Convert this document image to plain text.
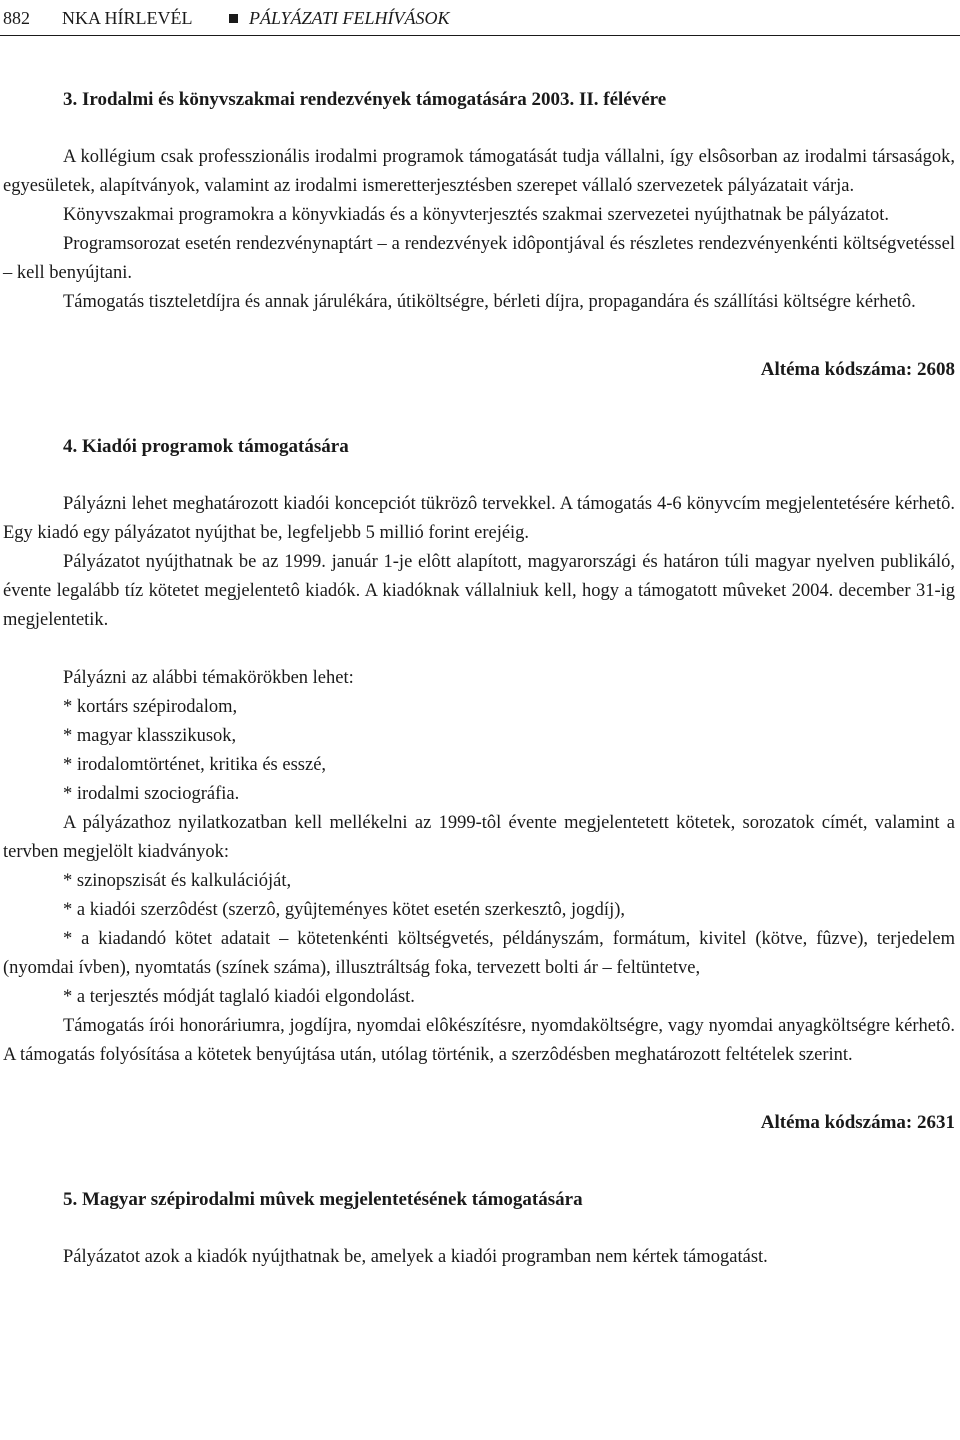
882 NKA HÍRLEVÉL	PÁLYÁZATI FELHÍVÁSOK
3. Irodalmi és könyvszakmai rendezvények támogatására 2003. II. félévére

A kollégium csak professzionális irodalmi programok támogatását tudja vállalni, így elsôsorban az irodalmi társaságok, egyesületek, alapítványok, valamint az irodalmi ismeretterjesztésben szerepet vállaló szervezetek pályázatait várja.

Könyvszakmai programokra a könyvkiadás és a könyvterjesztés szakmai szervezetei nyújthatnak be pályázatot.

Programsorozat esetén rendezvénynaptárt – a rendezvények idôpontjával és részletes rendezvényenkénti költségvetéssel – kell benyújtani.

Támogatás tiszteletdíjra és annak járulékára, útiköltségre, bérleti díjra, propagandára és szállítási költségre kérhetô.

Altéma kódszáma: 2608
4. Kiadói programok támogatására

Pályázni lehet meghatározott kiadói koncepciót tükrözô tervekkel. A támogatás 4-6 könyvcím megjelentetésére kérhetô. Egy kiadó egy pályázatot nyújthat be, legfeljebb 5 millió forint erejéig.

Pályázatot nyújthatnak be az 1999. január 1-je elôtt alapított, magyarországi és határon túli magyar nyelven publikáló, évente legalább tíz kötetet megjelentetô kiadók. A kiadóknak vállalniuk kell, hogy a támogatott mûveket 2004. december 31-ig megjelentetik.

Pályázni az alábbi témakörökben lehet:
* kortárs szépirodalom,
* magyar klasszikusok,
* irodalomtörténet, kritika és esszé,
* irodalmi szociográfia.

A pályázathoz nyilatkozatban kell mellékelni az 1999-tôl évente megjelentetett kötetek, sorozatok címét, valamint a tervben megjelölt kiadványok:

* szinopszisát és kalkulációját,

* a kiadói szerzôdést (szerzô, gyûjteményes kötet esetén szerkesztô, jogdíj),

* a kiadandó kötet adatait – kötetenkénti költségvetés, példányszám, formátum, kivitel (kötve, fûzve), terjedelem (nyomdai ívben), nyomtatás (színek száma), illusztráltság foka, tervezett bolti ár – feltüntetve,

* a terjesztés módját taglaló kiadói elgondolást.

Támogatás írói honoráriumra, jogdíjra, nyomdai elôkészítésre, nyomdaköltségre, vagy nyomdai anyagköltségre kérhetô. A támogatás folyósítása a kötetek benyújtása után, utólag történik, a szerzôdésben meghatározott feltételek szerint.

Altéma kódszáma: 2631
5. Magyar szépirodalmi mûvek megjelentetésének támogatására

Pályázatot azok a kiadók nyújthatnak be, amelyek a kiadói programban nem kértek támogatást.
